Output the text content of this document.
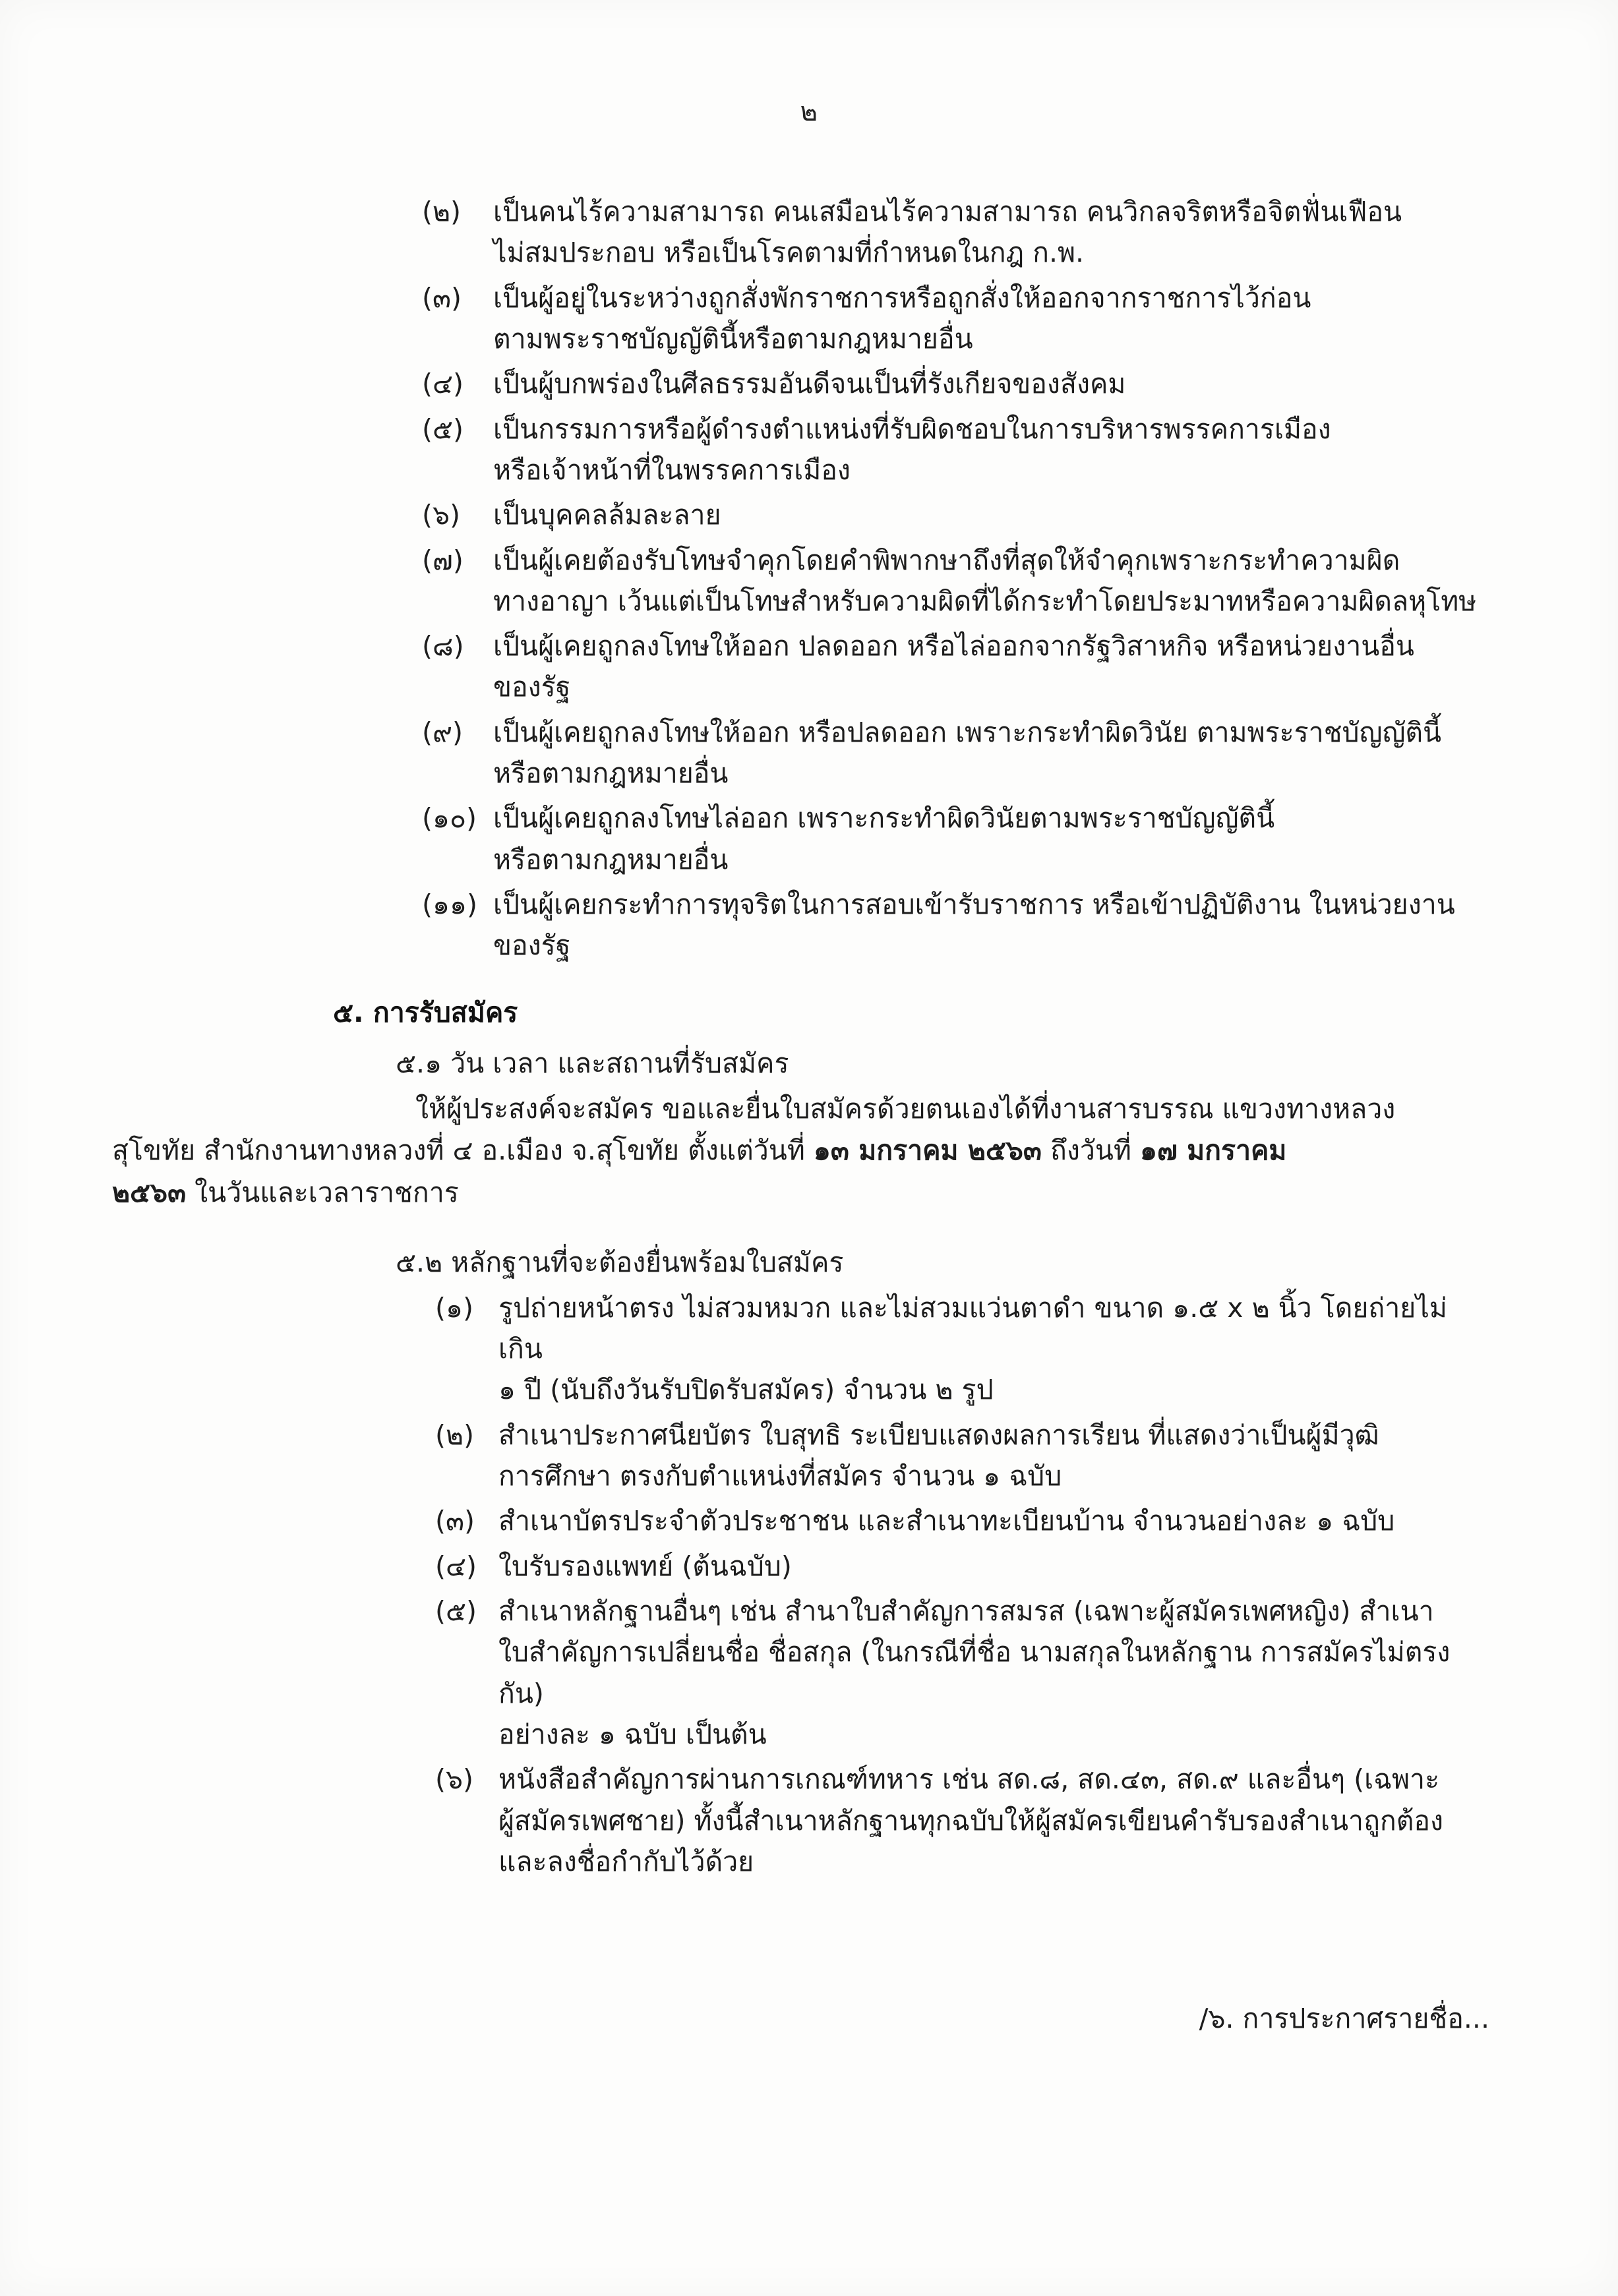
๒
(๒)	เป็นคนไร้ความสามารถ คนเสมือนไร้ความสามารถ คนวิกลจริตหรือจิตฟั่นเฟือน
ไม่สมประกอบ หรือเป็นโรคตามที่กำหนดในกฎ ก.พ.
(๓)	เป็นผู้อยู่ในระหว่างถูกสั่งพักราชการหรือถูกสั่งให้ออกจากราชการไว้ก่อน
ตามพระราชบัญญัตินี้หรือตามกฎหมายอื่น
(๔)	เป็นผู้บกพร่องในศีลธรรมอันดีจนเป็นที่รังเกียจของสังคม
(๕)	เป็นกรรมการหรือผู้ดำรงตำแหน่งที่รับผิดชอบในการบริหารพรรคการเมือง
หรือเจ้าหน้าที่ในพรรคการเมือง
(๖)	เป็นบุคคลล้มละลาย
(๗)	เป็นผู้เคยต้องรับโทษจำคุกโดยคำพิพากษาถึงที่สุดให้จำคุกเพราะกระทำความผิด
ทางอาญา เว้นแต่เป็นโทษสำหรับความผิดที่ได้กระทำโดยประมาทหรือความผิดลหุโทษ
(๘)	เป็นผู้เคยถูกลงโทษให้ออก ปลดออก หรือไล่ออกจากรัฐวิสาหกิจ หรือหน่วยงานอื่น
ของรัฐ
(๙)	เป็นผู้เคยถูกลงโทษให้ออก หรือปลดออก เพราะกระทำผิดวินัย ตามพระราชบัญญัตินี้
หรือตามกฎหมายอื่น
(๑๐) เป็นผู้เคยถูกลงโทษไล่ออก เพราะกระทำผิดวินัยตามพระราชบัญญัตินี้
หรือตามกฎหมายอื่น
(๑๑) เป็นผู้เคยกระทำการทุจริตในการสอบเข้ารับราชการ หรือเข้าปฏิบัติงาน ในหน่วยงาน
ของรัฐ
๕. การรับสมัคร
๕.๑ วัน เวลา และสถานที่รับสมัคร
ให้ผู้ประสงค์จะสมัคร ขอและยื่นใบสมัครด้วยตนเองได้ที่งานสารบรรณ แขวงทางหลวง
สุโขทัย สำนักงานทางหลวงที่ ๔ อ.เมือง จ.สุโขทัย ตั้งแต่วันที่ ๑๓ มกราคม ๒๕๖๓ ถึงวันที่ ๑๗ มกราคม
๒๕๖๓ ในวันและเวลาราชการ
๕.๒ หลักฐานที่จะต้องยื่นพร้อมใบสมัคร
(๑) รูปถ่ายหน้าตรง ไม่สวมหมวก และไม่สวมแว่นตาดำ ขนาด ๑.๕ x ๒ นิ้ว โดยถ่ายไม่เกิน
๑ ปี (นับถึงวันรับปิดรับสมัคร) จำนวน ๒ รูป
(๒) สำเนาประกาศนียบัตร ใบสุทธิ ระเบียบแสดงผลการเรียน ที่แสดงว่าเป็นผู้มีวุฒิ
การศึกษา ตรงกับตำแหน่งที่สมัคร จำนวน ๑ ฉบับ
(๓) สำเนาบัตรประจำตัวประชาชน และสำเนาทะเบียนบ้าน จำนวนอย่างละ ๑ ฉบับ
(๔) ใบรับรองแพทย์ (ต้นฉบับ)
(๕) สำเนาหลักฐานอื่นๆ เช่น สำนาใบสำคัญการสมรส (เฉพาะผู้สมัครเพศหญิง) สำเนา
ใบสำคัญการเปลี่ยนชื่อ ชื่อสกุล (ในกรณีที่ชื่อ นามสกุลในหลักฐาน การสมัครไม่ตรงกัน)
อย่างละ ๑ ฉบับ เป็นต้น
(๖) หนังสือสำคัญการผ่านการเกณฑ์ทหาร เช่น สด.๘, สด.๔๓, สด.๙ และอื่นๆ (เฉพาะ
ผู้สมัครเพศชาย) ทั้งนี้สำเนาหลักฐานทุกฉบับให้ผู้สมัครเขียนคำรับรองสำเนาถูกต้อง
และลงชื่อกำกับไว้ด้วย
/๖. การประกาศรายชื่อ...
